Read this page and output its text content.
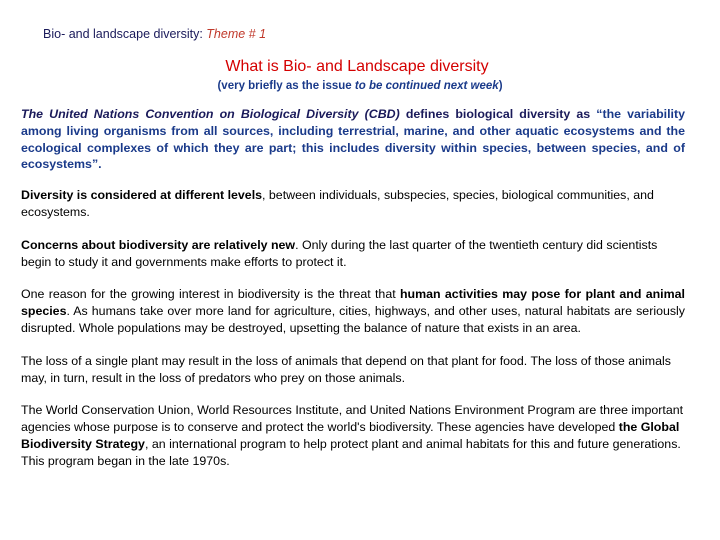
Bio- and landscape diversity: Theme # 1
What is Bio- and Landscape diversity
(very briefly as the issue to be continued next week)

The United Nations Convention on Biological Diversity (CBD) defines biological diversity as “the variability among living organisms from all sources, including terrestrial, marine, and other aquatic ecosystems and the ecological complexes of which they are part; this includes diversity within species, between species, and of ecosystems”.

Diversity is considered at different levels, between individuals, subspecies, species, biological communities, and ecosystems.

Concerns about biodiversity are relatively new. Only during the last quarter of the twentieth century did scientists begin to study it and governments make efforts to protect it.

One reason for the growing interest in biodiversity is the threat that human activities may pose for plant and animal species. As humans take over more land for agriculture, cities, highways, and other uses, natural habitats are seriously disrupted. Whole populations may be destroyed, upsetting the balance of nature that exists in an area.

The loss of a single plant may result in the loss of animals that depend on that plant for food. The loss of those animals may, in turn, result in the loss of predators who prey on those animals.

The World Conservation Union, World Resources Institute, and United Nations Environment Program are three important agencies whose purpose is to conserve and protect the world's biodiversity. These agencies have developed the Global Biodiversity Strategy, an international program to help protect plant and animal habitats for this and future generations. This program began in the late 1970s.
